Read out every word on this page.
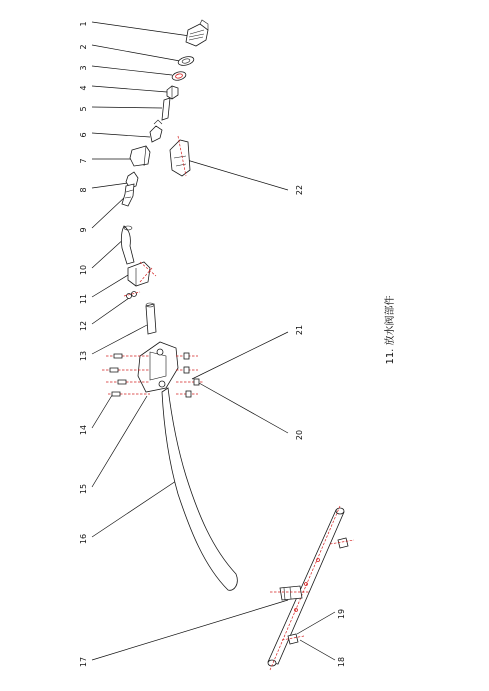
1
2
3
4
5
6
7
8
9
10
11
12
13
14
15
16
17	18
19
20
21
22
11. 放水阀部件
